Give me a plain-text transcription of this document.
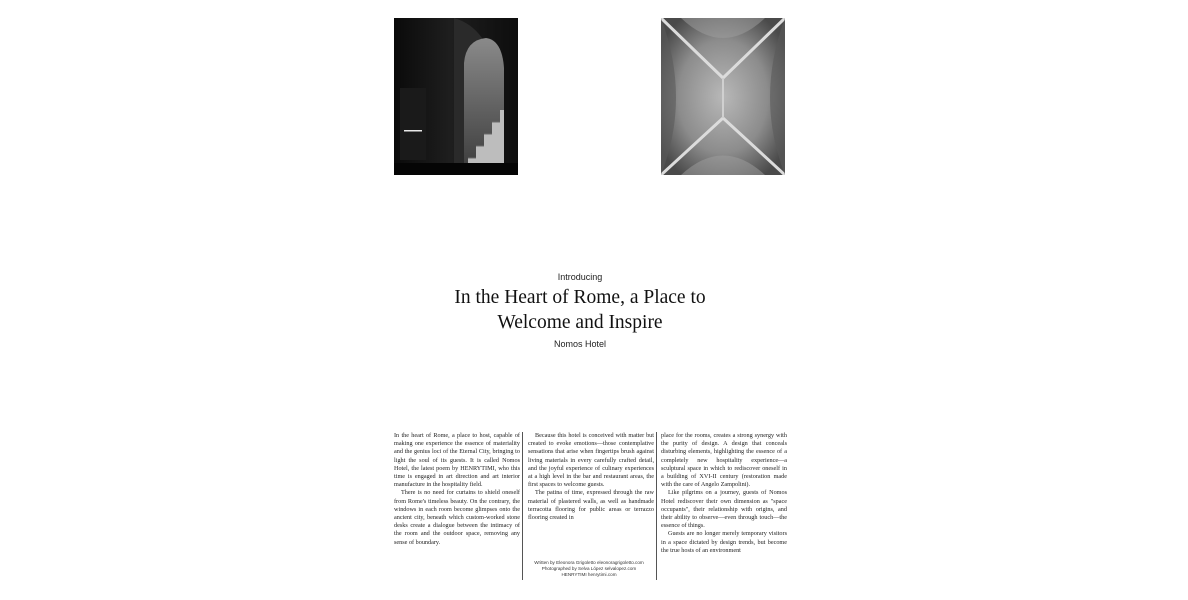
Introducing
In the Heart of Rome, a Place to
Welcome and Inspire
Nomos Hotel

In the heart of Rome, a place to host, capable of making one experience the essence of materiality and the genius loci of the Eternal City, bringing to light the soul of its guests. It is called Nomos Hotel, the latest poem by HENRYTIMI, who this time is engaged in art direction and art interior manufacture in the hospitality field.

There is no need for curtains to shield oneself from Rome's timeless beauty. On the contrary, the windows in each room become glimpses onto the ancient city, beneath which custom-worked stone desks create a dialogue between the intimacy of the room and the outdoor space, removing any sense of boundary.

Because this hotel is conceived with matter but created to evoke emotions—those contemplative sensations that arise when fingertips brush against living materials in every carefully crafted detail, and the joyful experience of culinary experiences at a high level in the bar and restaurant areas, the first spaces to welcome guests.

The patina of time, expressed through the raw material of plastered walls, as well as handmade terracotta flooring for public areas or terrazzo flooring created in

place for the rooms, creates a strong synergy with the purity of design. A design that conceals disturbing elements, highlighting the essence of a completely new hospitality experience—a sculptural space in which to rediscover oneself in a building of XVI-II century (restoration made with the care of Angelo Zampolini).

Like pilgrims on a journey, guests of Nomos Hotel rediscover their own dimension as "space occupants", their relationship with origins, and their ability to observe—even through touch—the essence of things.

Guests are no longer merely temporary visitors in a space dictated by design trends, but become the true hosts of an environment

Written by Eleonora Grigoletto eleonoragrigoletto.com
Photographed by Selva López selvalopez.com
HENRYTIMI henrytimi.com
